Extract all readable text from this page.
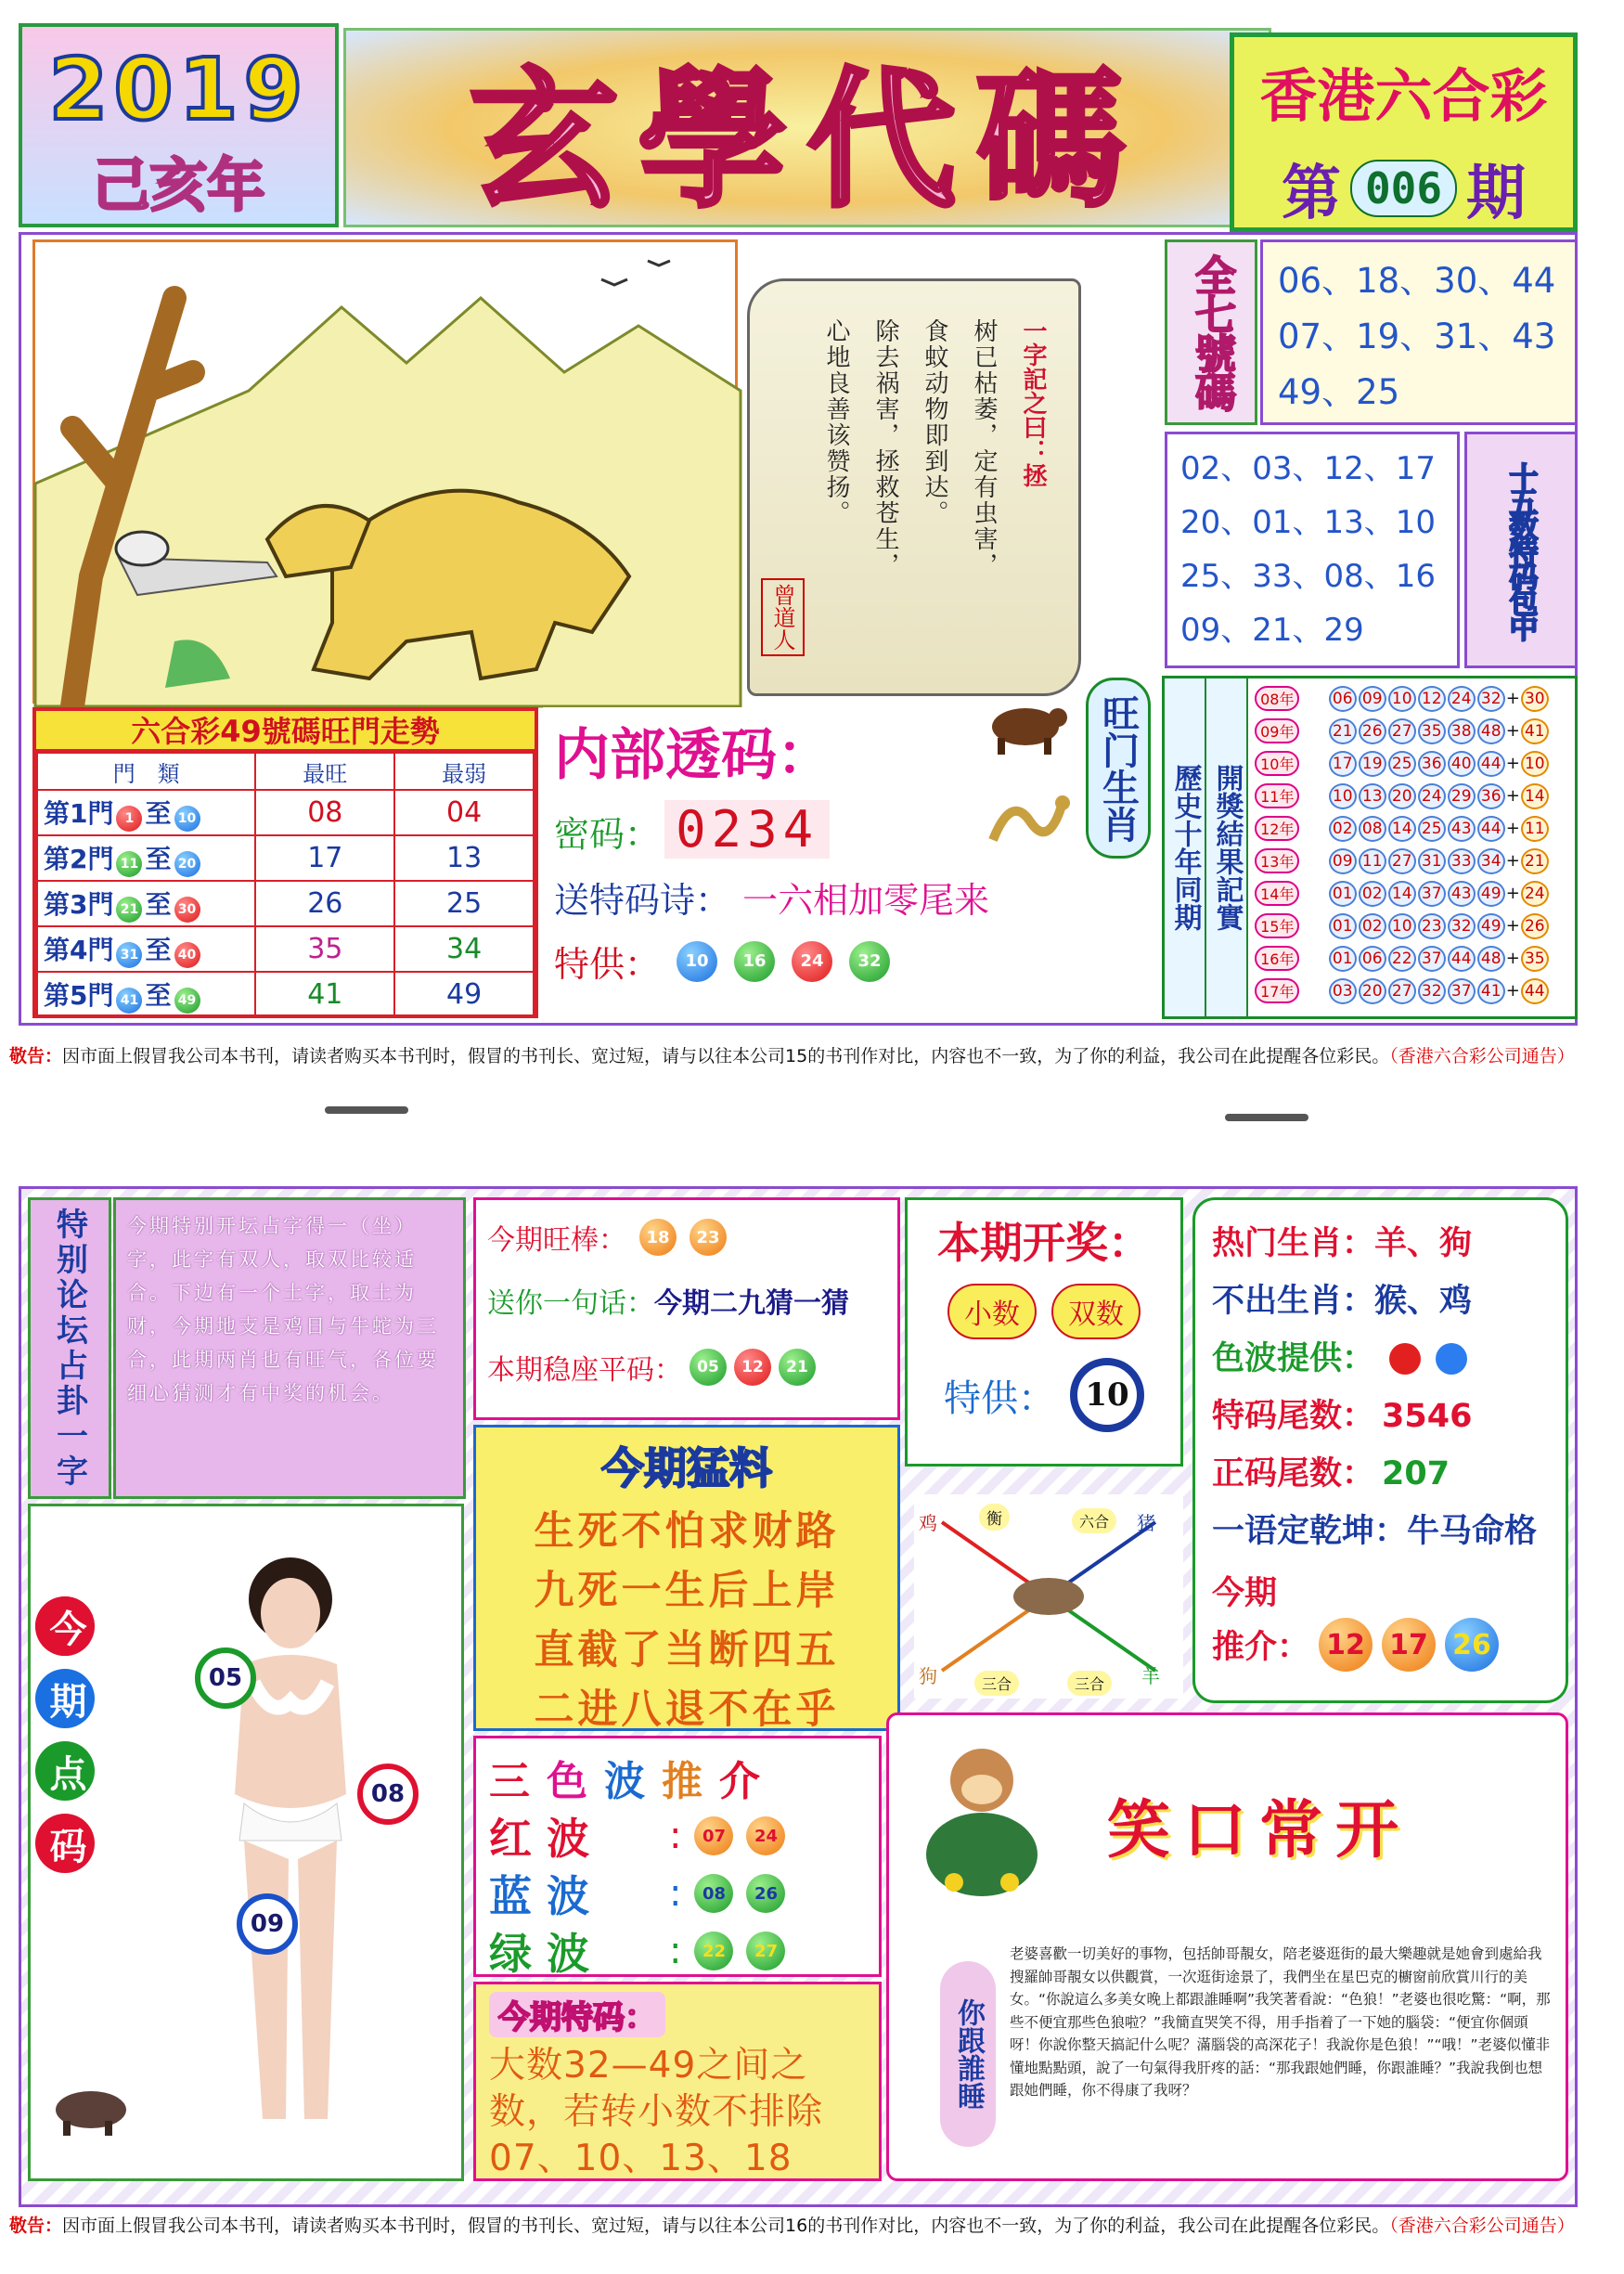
2019
己亥年	玄學代碼	香港六合彩
第 006 期
一字記之曰：拯
树已枯萎，定有虫害，
食蚊动物即到达。
除去祸害，拯救苍生，
心地良善该赞扬。
曾道人
全七號碼 06、18、30、44
07、19、31、43
49、25
02、03、12、17
20、01、13、10
25、33、08、16
09、21、29	十五数特码包中
六合彩49號碼旺門走勢
門　類	最旺	最弱
第1門 1 至 10	08	04
第2門 11 至 20	17	13
第3門 21 至 30	26	25
第4門 31 至 40	35	34
第5門 41 至 49	41	49
内部透码：
密码： 0234
送特码诗： 一六相加零尾来
特供：	10	16	24	32
旺门生肖 歷史十年同期 開獎結果記實
08年	06 09 10 12 24 32 + 30
09年	21 26 27 35 38 48 + 41
10年	17 19 25 36 40 44 + 10
11年	10 13 20 24 29 36 + 14
12年	02 08 14 25 43 44 + 11
13年	09 11 27 31 33 34 + 21
14年	01 02 14 37 43 49 + 24
15年	01 02 10 23 32 49 + 26
16年	01 06 22 37 44 48 + 35
17年	03 20 27 32 37 41 + 44
敬告：因市面上假冒我公司本书刊，请读者购买本书刊时，假冒的书刊长、宽过短，请与以往本公司15的书刊作对比，内容也不一致，为了你的利益，我公司在此提醒各位彩民。（香港六合彩公司通告）
特别论坛占卦一字 今期特别开坛占字得一（坐）字，此字有双人，取双比较适合。下边有一个土字，取土为财，今期地支是鸡日与牛蛇为三合，此期两肖也有旺气，各位要细心猜测才有中奖的机会。
今期点码	05
08
09
今期旺棒：	18	23
送你一句话： 今期二九猜一猜
本期稳座平码： 05	12	21
今期猛料
生死不怕求财路
九死一生后上岸
直截了当断四五
二进八退不在乎
本期开奖：
小数	双数
特供： 10
鸡	衡	六合	猪
狗	三合	三合	羊
热门生肖：羊、狗
不出生肖：猴、鸡
色波提供：
特码尾数： 3546
正码尾数： 207
一语定乾坤：牛马命格
今期
推介： 12 17 26
三 色 波 推 介
红波	:	07	24
蓝波	:	08	26
绿波	:	22	27
今期特码：
大数32—49之间之数，若转小数不排除07、10、13、18
笑口常开
你跟誰睡
老婆喜歡一切美好的事物，包括帥哥靚女，陪老婆逛街的最大樂趣就是她會到處給我搜羅帥哥靚女以供觀賞，一次逛街途景了，我們坐在星巴克的櫥窗前欣賞川行的美女。“你說這么多美女晚上都跟誰睡啊”我笑著看說：“色狼！”老婆也很吃驚：“啊，那些不便宜那些色狼啦？”我簡直哭笑不得，用手指着了一下她的腦袋：“便宜你個頭呀！你說你整天搞記什么呢？滿腦袋的高深花子！我說你是色狼！”“哦！”老婆似懂非懂地點點頭，說了一句氣得我肝疼的話：“那我跟她們睡，你跟誰睡？”我說我倒也想跟她們睡，你不得康了我呀？
敬告：因市面上假冒我公司本书刊，请读者购买本书刊时，假冒的书刊长、宽过短，请与以往本公司16的书刊作对比，内容也不一致，为了你的利益，我公司在此提醒各位彩民。（香港六合彩公司通告）
